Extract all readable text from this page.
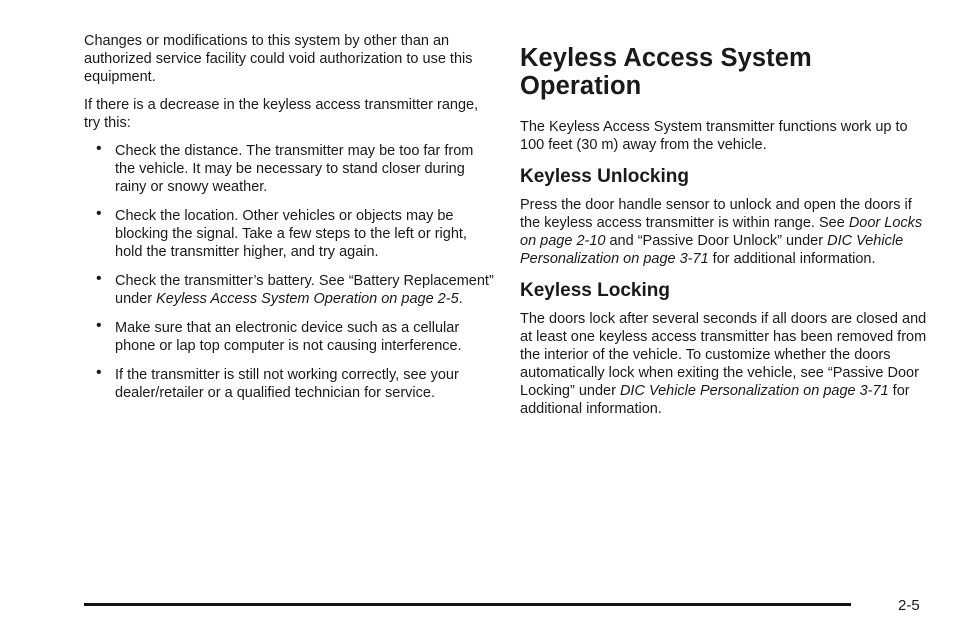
Changes or modifications to this system by other than an authorized service facility could void authorization to use this equipment.

If there is a decrease in the keyless access transmitter range, try this:

• Check the distance. The transmitter may be too far from the vehicle. It may be necessary to stand closer during rainy or snowy weather.
• Check the location. Other vehicles or objects may be blocking the signal. Take a few steps to the left or right, hold the transmitter higher, and try again.
• Check the transmitter’s battery. See “Battery Replacement” under Keyless Access System Operation on page 2-5.
• Make sure that an electronic device such as a cellular phone or lap top computer is not causing interference.
• If the transmitter is still not working correctly, see your dealer/retailer or a qualified technician for service.
Keyless Access System Operation

The Keyless Access System transmitter functions work up to 100 feet (30 m) away from the vehicle.

Keyless Unlocking

Press the door handle sensor to unlock and open the doors if the keyless access transmitter is within range. See Door Locks on page 2-10 and “Passive Door Unlock” under DIC Vehicle Personalization on page 3-71 for additional information.

Keyless Locking

The doors lock after several seconds if all doors are closed and at least one keyless access transmitter has been removed from the interior of the vehicle. To customize whether the doors automatically lock when exiting the vehicle, see “Passive Door Locking” under DIC Vehicle Personalization on page 3-71 for additional information.

2-5
